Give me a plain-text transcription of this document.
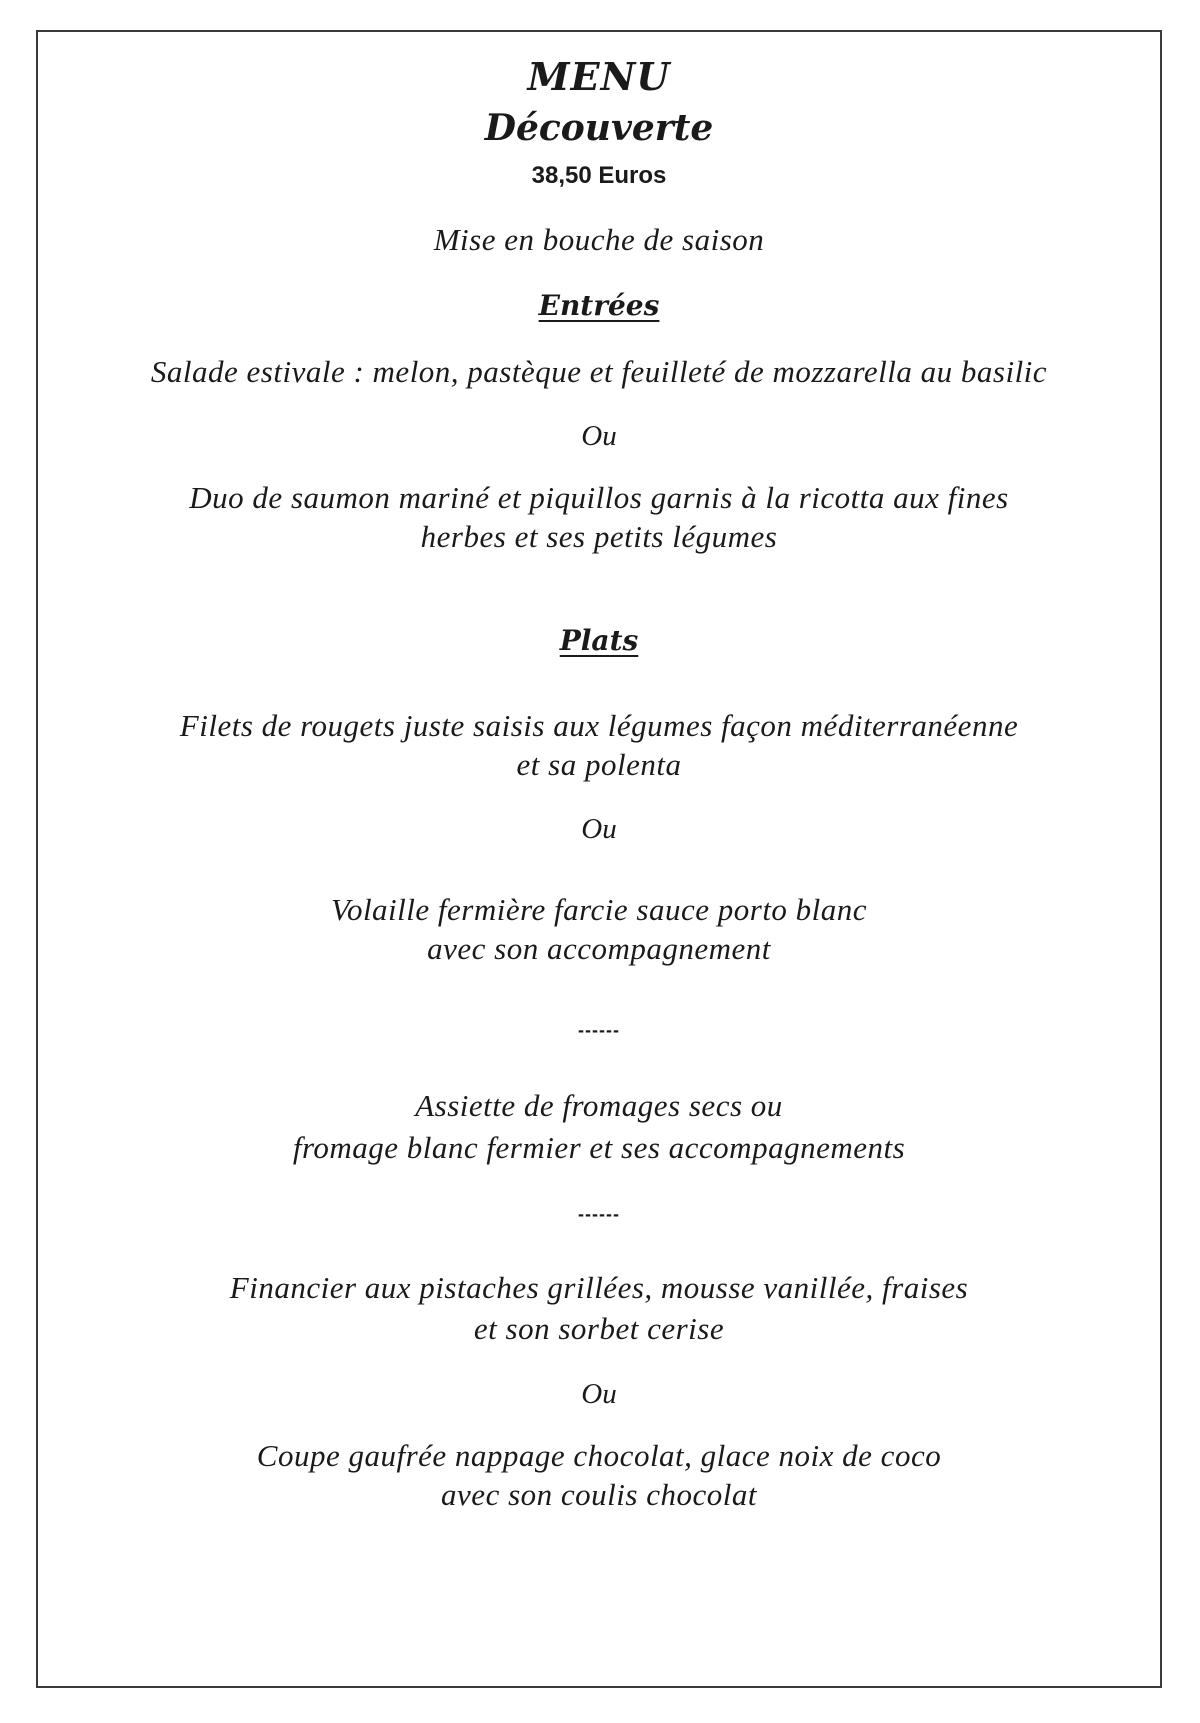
MENU
Découverte
38,50 Euros
Mise en bouche de saison
Entrées
Salade estivale : melon, pastèque et feuilleté de mozzarella au basilic
Ou
Duo de saumon mariné et piquillos garnis à la ricotta aux fines
herbes et ses petits légumes
Plats
Filets de rougets juste saisis aux légumes façon méditerranéenne
et sa polenta
Ou
Volaille fermière farcie sauce porto blanc
avec son accompagnement
------
Assiette de fromages secs ou
fromage blanc fermier et ses accompagnements
------
Financier aux pistaches grillées, mousse vanillée, fraises
et son sorbet cerise
Ou
Coupe gaufrée nappage chocolat, glace noix de coco
avec son coulis chocolat
